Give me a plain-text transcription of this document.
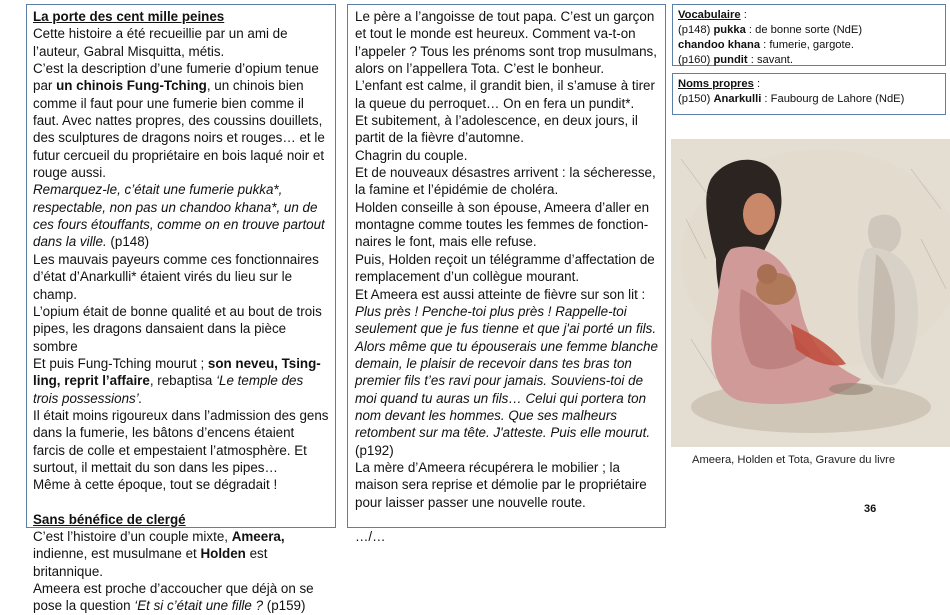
La porte des cent mille peines

Cette histoire a été recueillie par un ami de l’auteur, Gabral Misquitta, métis.

C’est la description d’une fumerie d’opium tenue par un chinois Fung-Tching, un chinois bien comme il faut pour une fumerie bien comme il faut. Avec nattes propres, des coussins douillets, des sculptures de dragons noirs et rouges… et le futur cercueil du propriétaire en bois laqué noir et rouge aussi.

Remarquez-le, c’était une fumerie pukka*, respectable, non pas un chandoo khana*, un de ces fours étouffants, comme on en trouve partout dans la ville. (p148)

Les mauvais payeurs comme ces fonctionnaires d’état d’Anarkulli* étaient virés du lieu sur le champ.

L’opium était de bonne qualité et au bout de trois pipes, les dragons dansaient dans la pièce sombre

Et puis Fung-Tching mourut ; son neveu, Tsing-ling, reprit l’affaire, rebaptisa ‘Le temple des trois possessions’.

Il était moins rigoureux dans l’admission des gens dans la fumerie, les bâtons d’encens étaient farcis de colle et empestaient l’atmosphère. Et surtout, il mettait du son dans les pipes…

Même à cette époque, tout se dégradait !

Sans bénéfice de clergé

C’est l’histoire d’un couple mixte, Ameera, indienne, est musulmane et Holden est britannique.

Ameera est proche d’accoucher que déjà on se pose la question ‘Et si c’était une fille ? (p159)

Le père a l’angoisse de tout papa. C’est un garçon et tout le monde est heureux. Comment va-t-on l’appeler ? Tous les prénoms sont trop musulmans, alors on l’appellera Tota. C’est le bonheur.

L’enfant est calme, il grandit bien, il s’amuse à tirer la queue du perroquet… On en fera un pundit*.

Et subitement, à l’adolescence, en deux jours, il partit de la fièvre d’automne.

Chagrin du couple.

Et de nouveaux désastres arrivent : la sécheresse, la famine et l’épidémie de choléra.

Holden conseille à son épouse, Ameera d’aller en montagne comme toutes les femmes de fonction-naires le font, mais elle refuse.

Puis, Holden reçoit un télégramme d’affectation de remplacement d’un collègue mourant.

Et Ameera est aussi atteinte de fièvre sur son lit :

Plus près ! Penche-toi plus près ! Rappelle-toi seulement que je fus tienne et que j'ai porté un fils. Alors même que tu épouserais une femme blanche demain, le plaisir de recevoir dans tes bras ton premier fils t’es ravi pour jamais. Souviens-toi de moi quand tu auras un fils… Celui qui portera ton nom devant les hommes. Que ses malheurs retombent sur ma tête. J'atteste. Puis elle mourut. (p192)

La mère d’Ameera récupérera le mobilier ; la maison sera reprise et démolie par le propriétaire pour laisser passer une nouvelle route.

…/…

Vocabulaire :
(p148) pukka : de bonne sorte (NdE)
chandoo khana : fumerie, gargote.
(p160) pundit : savant.
Noms propres :
(p150) Anarkulli : Faubourg de Lahore (NdE)
Ameera, Holden et Tota, Gravure du livre
36
